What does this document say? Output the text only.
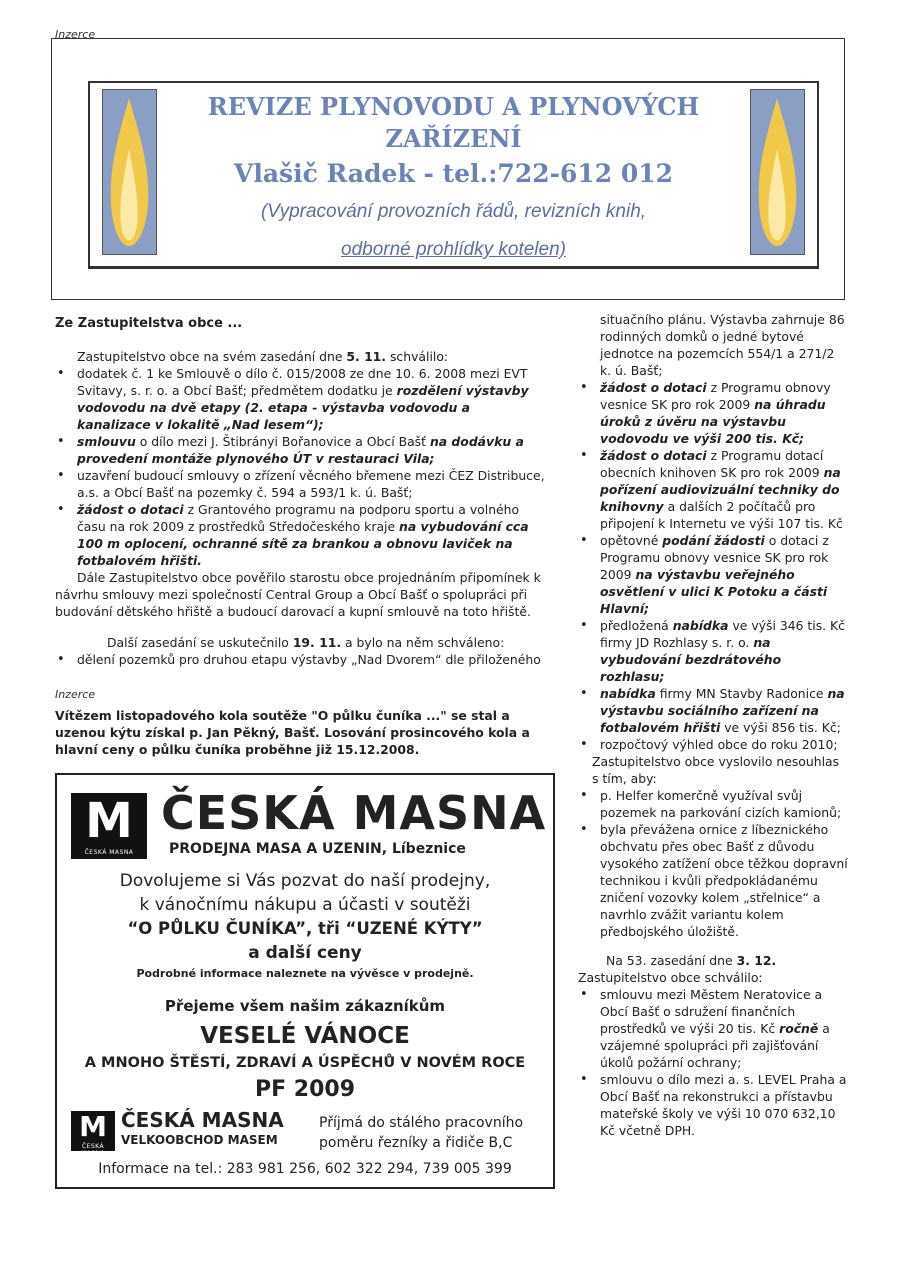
Inzerce
REVIZE PLYNOVODU A PLYNOVÝCH
ZAŘÍZENÍ
Vlašič Radek - tel.:722-612 012
(Vypracování provozních řádů, revizních knih,
odborné prohlídky kotelen)
Ze Zastupitelstva obce ...

Zastupitelstvo obce na svém zasedání dne 5. 11. schválilo:

• dodatek č. 1 ke Smlouvě o dílo č. 015/2008 ze dne 10. 6. 2008 mezi EVT Svitavy, s. r. o. a Obcí Bašť; předmětem dodatku je rozdělení výstavby vodovodu na dvě etapy (2. etapa - výstavba vodovodu a kanalizace v lokalitě „Nad lesem“);

• smlouvu o dílo mezi J. Štibrányi Bořanovice a Obcí Bašť na dodávku a provedení montáže plynového ÚT v restauraci Vila;

• uzavření budoucí smlouvy o zřízení věcného břemene mezi ČEZ Distribuce, a.s. a Obcí Bašť na pozemky č. 594 a 593/1 k. ú. Bašť;

• žádost o dotaci z Grantového programu na podporu sportu a volného času na rok 2009 z prostředků Středočeského kraje na vybudování cca 100 m oplocení, ochranné sítě za brankou a obnovu laviček na fotbalovém hřišti.

Dále Zastupitelstvo obce pověřilo starostu obce projednáním připomínek k návrhu smlouvy mezi společností Central Group a Obcí Bašť o spolupráci při budování dětského hřiště a budoucí darovací a kupní smlouvě na toto hřiště.

Další zasedání se uskutečnilo 19. 11. a bylo na něm schváleno:

• dělení pozemků pro druhou etapu výstavby „Nad Dvorem“ dle přiloženého

Inzerce
Vítězem listopadového kola soutěže "O půlku čuníka ..." se stal a uzenou kýtu získal p. Jan Pěkný, Bašť. Losování prosincového kola a hlavní ceny o půlku čuníka proběhne již 15.12.2008.
M
ČESKÁ MASNA
ČESKÁ MASNA
PRODEJNA MASA A UZENIN, Líbeznice
Dovolujeme si Vás pozvat do naší prodejny,
k vánočnímu nákupu a účasti v soutěži
“O PŮLKU ČUNÍKA”, tři “UZENÉ KÝTY”
a další ceny
Podrobné informace naleznete na vývěsce v prodejně.
Přejeme všem našim zákazníkům
VESELÉ VÁNOCE
A MNOHO ŠTĚSTÍ, ZDRAVÍ A ÚSPĚCHŮ V NOVÉM ROCE
PF 2009
M
ČESKÁ MASNA
ČESKÁ MASNA
VELKOOBCHOD MASEM
Příjmá do stálého pracovního
poměru řezníky a řidiče B,C
Informace na tel.: 283 981 256, 602 322 294, 739 005 399

situačního plánu. Výstavba zahrnuje 86 rodinných domků o jedné bytové jednotce na pozemcích 554/1 a 271/2 k. ú. Bašť;

• žádost o dotaci z Programu obnovy vesnice SK pro rok 2009 na úhradu úroků z úvěru na výstavbu vodovodu ve výši 200 tis. Kč;

• žádost o dotaci z Programu dotací obecních knihoven SK pro rok 2009 na pořízení audiovizuální techniky do knihovny a dalších 2 počítačů pro připojení k Internetu ve výši 107 tis. Kč

• opětovné podání žádosti o dotaci z Programu obnovy vesnice SK pro rok 2009 na výstavbu veřejného osvětlení v ulici K Potoku a části Hlavní;

• předložená nabídka ve výši 346 tis. Kč firmy JD Rozhlasy s. r. o. na vybudování bezdrátového rozhlasu;

• nabídka firmy MN Stavby Radonice na výstavbu sociálního zařízení na fotbalovém hřišti ve výši 856 tis. Kč;

• rozpočtový výhled obce do roku 2010;

Zastupitelstvo obce vyslovilo nesouhlas s tím, aby:

• p. Helfer komerčně využíval svůj pozemek na parkování cizích kamionů;

• byla převážena ornice z líbeznického obchvatu přes obec Bašť z důvodu vysokého zatížení obce těžkou dopravní technikou i kvůli předpokládanému zničení vozovky kolem „střelnice“ a navrhlo zvážit variantu kolem předbojského úložiště.

Na 53. zasedání dne 3. 12. Zastupitelstvo obce schválilo:

• smlouvu mezi Městem Neratovice a Obcí Bašť o sdružení finančních prostředků ve výši 20 tis. Kč ročně a vzájemné spolupráci při zajišťování úkolů požární ochrany;

• smlouvu o dílo mezi a. s. LEVEL Praha a Obcí Bašť na rekonstrukci a přístavbu mateřské školy ve výši 10 070 632,10 Kč včetně DPH.
